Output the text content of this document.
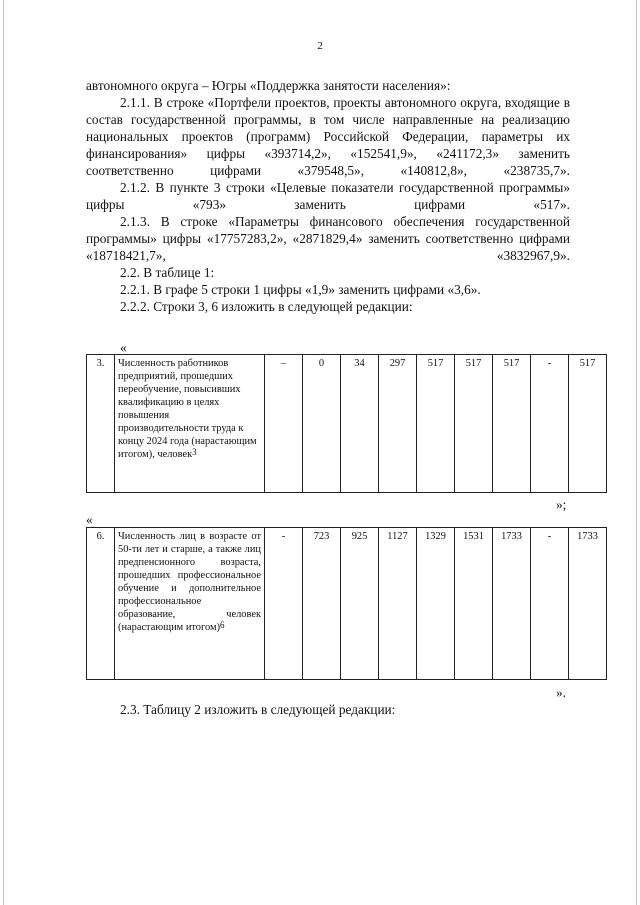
2

автономного округа – Югры «Поддержка занятости населения»:

2.1.1. В строке «Портфели проектов, проекты автономного округа, входящие в состав государственной программы, в том числе направленные на реализацию национальных проектов (программ) Российской Федерации, параметры их финансирования» цифры «393714,2», «152541,9», «241172,3» заменить соответственно цифрами «379548,5», «140812,8», «238735,7».

2.1.2. В пункте 3 строки «Целевые показатели государственной программы» цифры «793» заменить цифрами «517».

2.1.3. В строке «Параметры финансового обеспечения государственной программы» цифры «17757283,2», «2871829,4» заменить соответственно цифрами «18718421,7», «3832967,9».

2.2. В таблице 1:

2.2.1. В графе 5 строки 1 цифры «1,9» заменить цифрами «3,6».

2.2.2. Строки 3, 6 изложить в следующей редакции:

«
3.	Численность работников предприятий, прошедших переобучение, повысивших квалификацию в целях повышения производительности труда к концу 2024 года (нарастающим итогом), человек3	–	0	34	297	517	517	517	-	517
»;
«
6.	Численность лиц в возрасте от 50-ти лет и старше, а также лиц предпенсионного возраста, прошедших профессиональное обучение и дополнительное профессиональное образование, человек (нарастающим итогом)6	-	723	925	1127	1329	1531	1733	-	1733
».

2.3. Таблицу 2 изложить в следующей редакции:
